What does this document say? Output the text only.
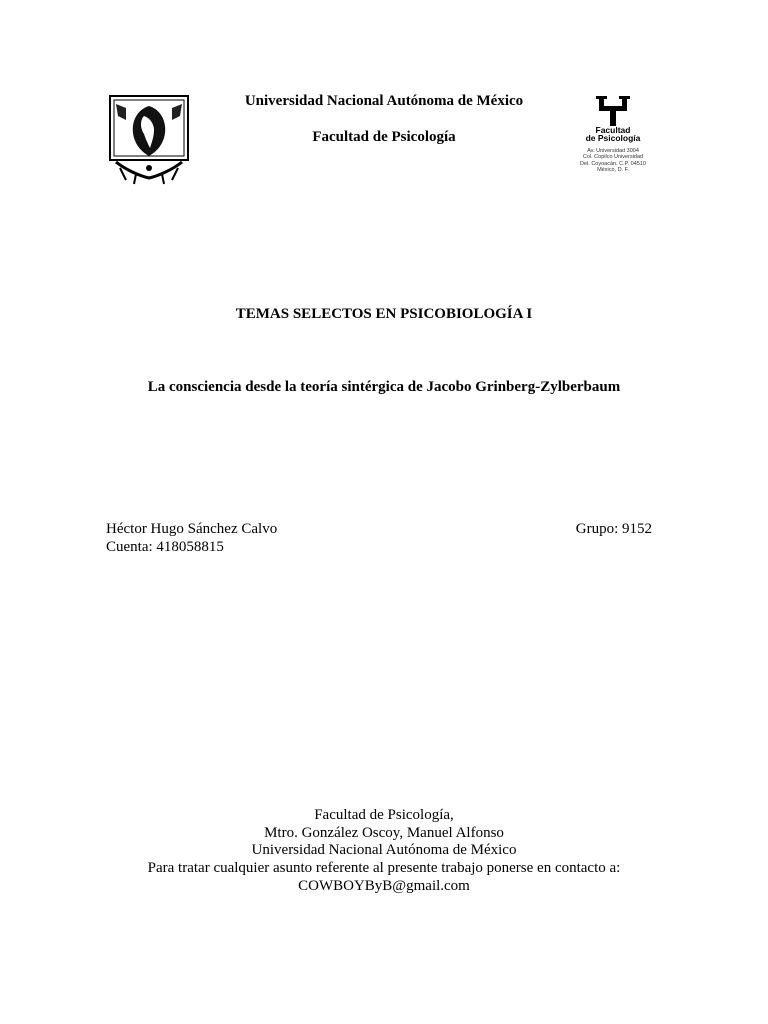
Facultad
de Psicología
Av. Universidad 3004
Col. Copilco Universidad
Del. Coyoacán. C.P. 04510
México, D. F.
Universidad Nacional Autónoma de México
Facultad de Psicología
TEMAS SELECTOS EN PSICOBIOLOGÍA I
La consciencia desde la teoría sintérgica de Jacobo Grinberg-Zylberbaum
Héctor Hugo Sánchez Calvo
Cuenta: 418058815
Grupo: 9152
Facultad de Psicología,
Mtro. González Oscoy, Manuel Alfonso
Universidad Nacional Autónoma de México
Para tratar cualquier asunto referente al presente trabajo ponerse en contacto a:
COWBOYByB@gmail.com
